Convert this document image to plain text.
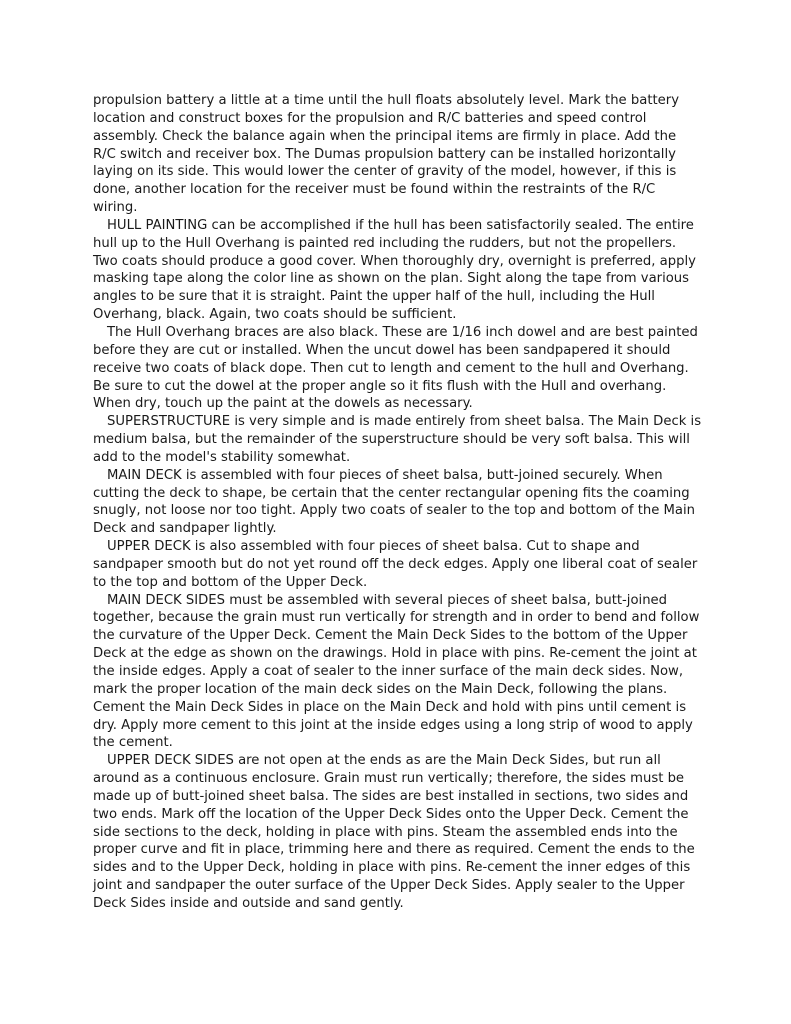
propulsion battery a little at a time until the hull floats absolutely level. Mark the battery location and construct boxes for the propulsion and R/C batteries and speed control assembly. Check the balance again when the principal items are firmly in place. Add the R/C switch and receiver box. The Dumas propulsion battery can be installed horizontally laying on its side. This would lower the center of gravity of the model, however, if this is done, another location for the receiver must be found within the restraints of the R/C wiring.

HULL PAINTING can be accomplished if the hull has been satisfactorily sealed. The entire hull up to the Hull Overhang is painted red including the rudders, but not the propellers. Two coats should produce a good cover. When thoroughly dry, overnight is preferred, apply masking tape along the color line as shown on the plan. Sight along the tape from various angles to be sure that it is straight. Paint the upper half of the hull, including the Hull Overhang, black. Again, two coats should be sufficient.

The Hull Overhang braces are also black. These are 1/16 inch dowel and are best painted before they are cut or installed. When the uncut dowel has been sandpapered it should receive two coats of black dope. Then cut to length and cement to the hull and Overhang. Be sure to cut the dowel at the proper angle so it fits flush with the Hull and overhang. When dry, touch up the paint at the dowels as necessary.

SUPERSTRUCTURE is very simple and is made entirely from sheet balsa. The Main Deck is medium balsa, but the remainder of the superstructure should be very soft balsa. This will add to the model's stability somewhat.

MAIN DECK is assembled with four pieces of sheet balsa, butt-joined securely. When cutting the deck to shape, be certain that the center rectangular opening fits the coaming snugly, not loose nor too tight. Apply two coats of sealer to the top and bottom of the Main Deck and sandpaper lightly.

UPPER DECK is also assembled with four pieces of sheet balsa. Cut to shape and sandpaper smooth but do not yet round off the deck edges. Apply one liberal coat of sealer to the top and bottom of the Upper Deck.

MAIN DECK SIDES must be assembled with several pieces of sheet balsa, butt-joined together, because the grain must run vertically for strength and in order to bend and follow the curvature of the Upper Deck. Cement the Main Deck Sides to the bottom of the Upper Deck at the edge as shown on the drawings. Hold in place with pins. Re-cement the joint at the inside edges. Apply a coat of sealer to the inner surface of the main deck sides. Now, mark the proper location of the main deck sides on the Main Deck, following the plans. Cement the Main Deck Sides in place on the Main Deck and hold with pins until cement is dry. Apply more cement to this joint at the inside edges using a long strip of wood to apply the cement.

UPPER DECK SIDES are not open at the ends as are the Main Deck Sides, but run all around as a continuous enclosure. Grain must run vertically; therefore, the sides must be made up of butt-joined sheet balsa. The sides are best installed in sections, two sides and two ends. Mark off the location of the Upper Deck Sides onto the Upper Deck. Cement the side sections to the deck, holding in place with pins. Steam the assembled ends into the proper curve and fit in place, trimming here and there as required. Cement the ends to the sides and to the Upper Deck, holding in place with pins. Re-cement the inner edges of this joint and sandpaper the outer surface of the Upper Deck Sides. Apply sealer to the Upper Deck Sides inside and outside and sand gently.
